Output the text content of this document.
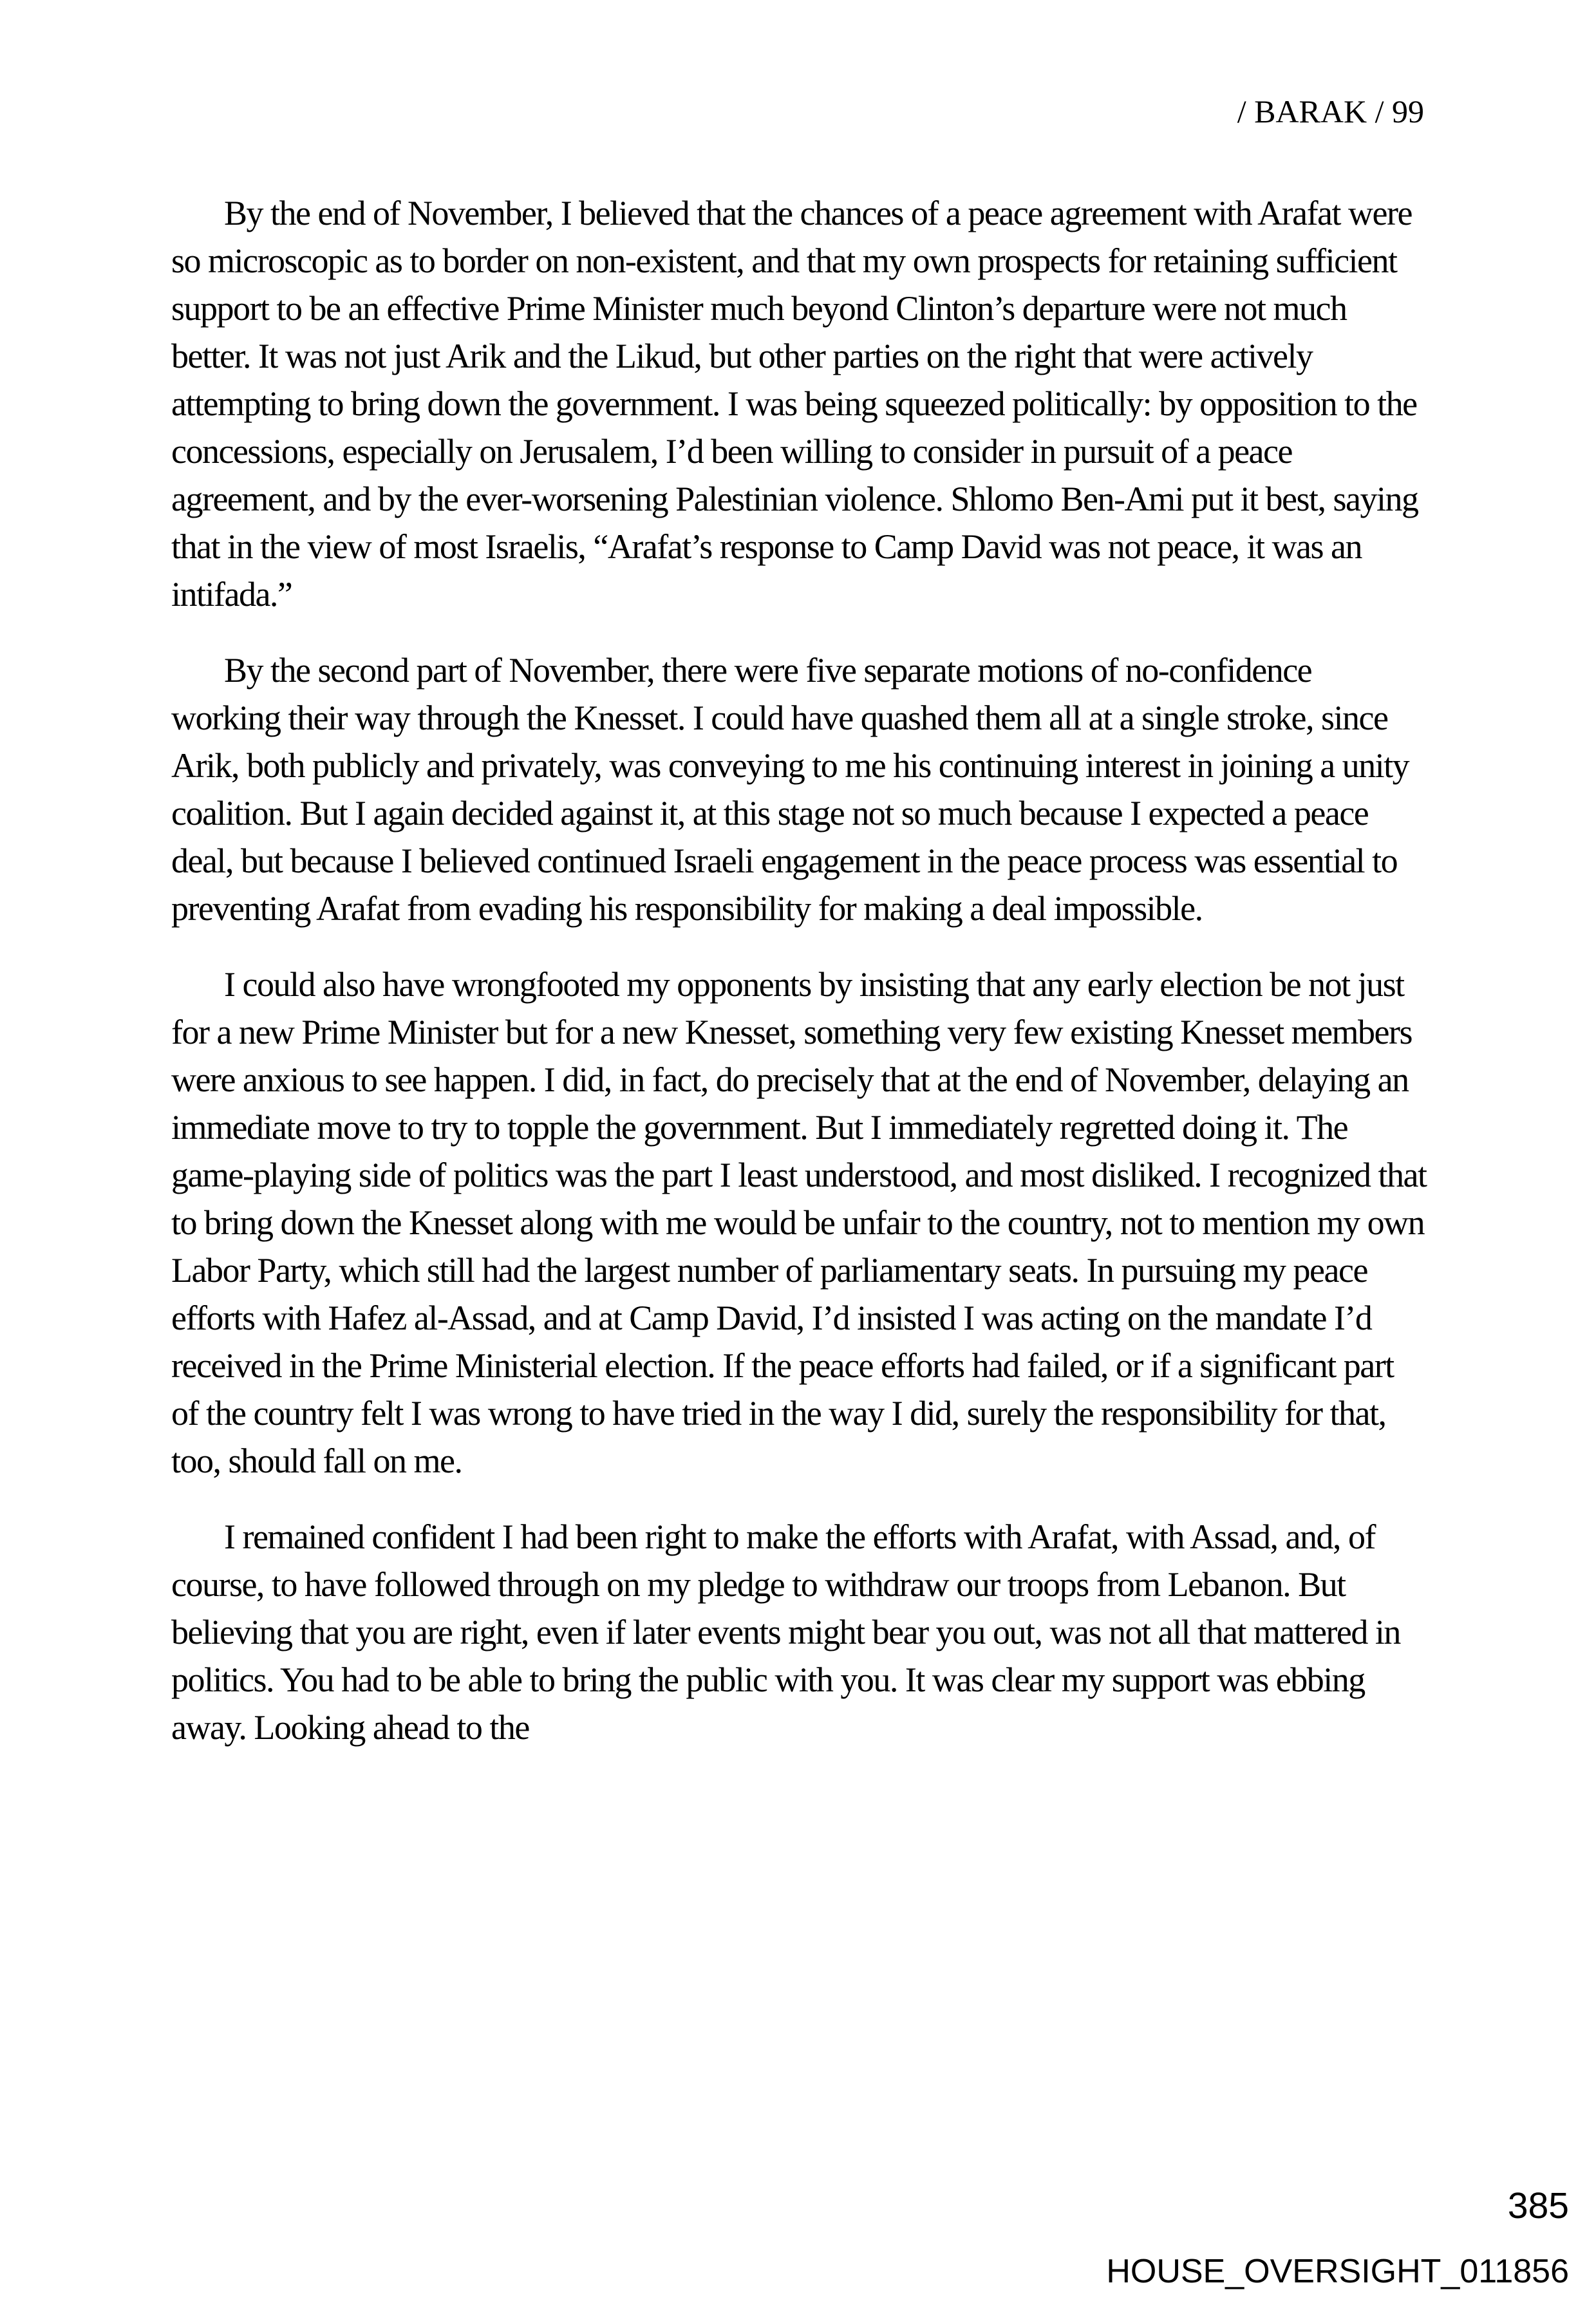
/ BARAK / 99

By the end of November, I believed that the chances of a peace agreement with Arafat were so microscopic as to border on non-existent, and that my own prospects for retaining sufficient support to be an effective Prime Minister much beyond Clinton’s departure were not much better. It was not just Arik and the Likud, but other parties on the right that were actively attempting to bring down the government. I was being squeezed politically: by opposition to the concessions, especially on Jerusalem, I’d been willing to consider in pursuit of a peace agreement, and by the ever-worsening Palestinian violence. Shlomo Ben-Ami put it best, saying that in the view of most Israelis, “Arafat’s response to Camp David was not peace, it was an intifada.”

By the second part of November, there were five separate motions of no-confidence working their way through the Knesset. I could have quashed them all at a single stroke, since Arik, both publicly and privately, was conveying to me his continuing interest in joining a unity coalition. But I again decided against it, at this stage not so much because I expected a peace deal, but because I believed continued Israeli engagement in the peace process was essential to preventing Arafat from evading his responsibility for making a deal impossible.

I could also have wrongfooted my opponents by insisting that any early election be not just for a new Prime Minister but for a new Knesset, something very few existing Knesset members were anxious to see happen. I did, in fact, do precisely that at the end of November, delaying an immediate move to try to topple the government. But I immediately regretted doing it. The game-playing side of politics was the part I least understood, and most disliked. I recognized that to bring down the Knesset along with me would be unfair to the country, not to mention my own Labor Party, which still had the largest number of parliamentary seats. In pursuing my peace efforts with Hafez al-Assad, and at Camp David, I’d insisted I was acting on the mandate I’d received in the Prime Ministerial election. If the peace efforts had failed, or if a significant part of the country felt I was wrong to have tried in the way I did, surely the responsibility for that, too, should fall on me.

I remained confident I had been right to make the efforts with Arafat, with Assad, and, of course, to have followed through on my pledge to withdraw our troops from Lebanon. But believing that you are right, even if later events might bear you out, was not all that mattered in politics. You had to be able to bring the public with you. It was clear my support was ebbing away. Looking ahead to the

385
HOUSE_OVERSIGHT_011856
